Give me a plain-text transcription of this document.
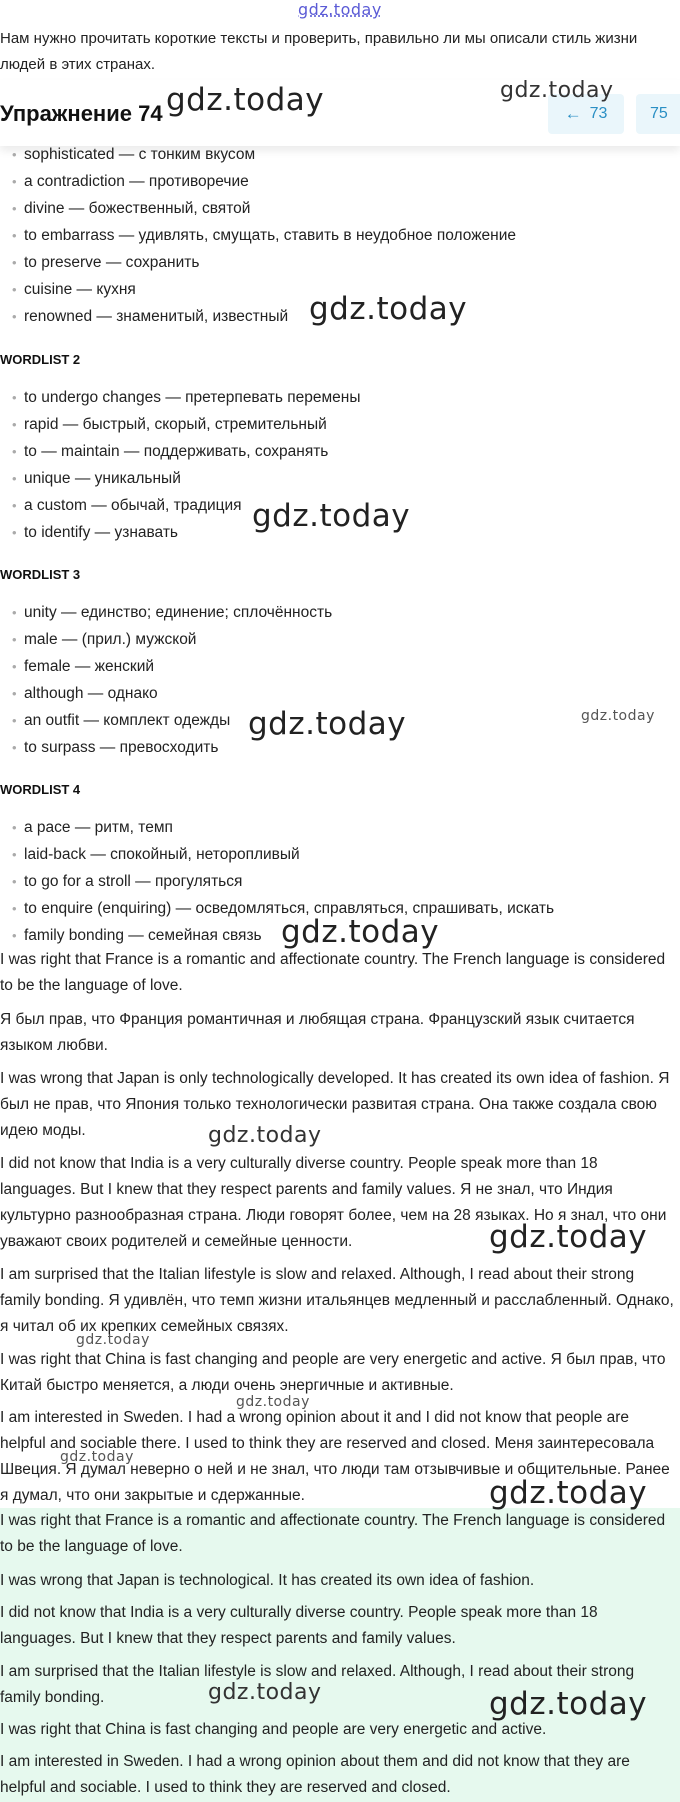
gdz.today
Нам нужно прочитать короткие тексты и проверить, правильно ли мы описали стиль жизни людей в этих странах.
Упражнение 74	← 73	75
• sophisticated — с тонким вкусом
• a contradiction — противоречие
• divine — божественный, святой
• to embarrass — удивлять, смущать, ставить в неудобное положение
• to preserve — сохранить
• cuisine — кухня
• renowned — знаменитый, известный
WORDLIST 2
• to undergo changes — претерпевать перемены
• rapid — быстрый, скорый, стремительный
• to — maintain — поддерживать, сохранять
• unique — уникальный
• a custom — обычай, традиция
• to identify — узнавать
WORDLIST 3
• unity — единство; единение; сплочённость
• male — (прил.) мужской
• female — женский
• although — однако
• an outfit — комплект одежды
• to surpass — превосходить
WORDLIST 4
• a pace — ритм, темп
• laid-back — спокойный, неторопливый
• to go for a stroll — прогуляться
• to enquire (enquiring) — осведомляться, справляться, спрашивать, искать
• family bonding — семейная связь

I was right that France is a romantic and affectionate country. The French language is considered to be the language of love.

Я был прав, что Франция романтичная и любящая страна. Французский язык считается языком любви.

I was wrong that Japan is only technologically developed. It has created its own idea of fashion. Я был не прав, что Япония только технологически развитая страна. Она также создала свою идею моды.

I did not know that India is a very culturally diverse country. People speak more than 18 languages. But I knew that they respect parents and family values. Я не знал, что Индия культурно разнообразная страна. Люди говорят более, чем на 28 языках. Но я знал, что они уважают своих родителей и семейные ценности.

I am surprised that the Italian lifestyle is slow and relaxed. Although, I read about their strong family bonding. Я удивлён, что темп жизни итальянцев медленный и расслабленный. Однако, я читал об их крепких семейных связях.

I was right that China is fast changing and people are very energetic and active. Я был прав, что Китай быстро меняется, а люди очень энергичные и активные.

I am interested in Sweden. I had a wrong opinion about it and I did not know that people are helpful and sociable there. I used to think they are reserved and closed. Меня заинтересовала Швеция. Я думал неверно о ней и не знал, что люди там отзывчивые и общительные. Ранее я думал, что они закрытые и сдержанные.

I was right that France is a romantic and affectionate country. The French language is considered to be the language of love.

I was wrong that Japan is technological. It has created its own idea of fashion.

I did not know that India is a very culturally diverse country. People speak more than 18 languages. But I knew that they respect parents and family values.

I am surprised that the Italian lifestyle is slow and relaxed. Although, I read about their strong family bonding.

I was right that China is fast changing and people are very energetic and active.

I am interested in Sweden. I had a wrong opinion about them and did not know that they are helpful and sociable. I used to think they are reserved and closed.

gdz.today	gdz.today
gdz.today
gdz.today
gdz.today	gdz.today
gdz.today
gdz.today
gdz.today
gdz.today
gdz.today
gdz.today
gdz.today
gdz.today
gdz.today
